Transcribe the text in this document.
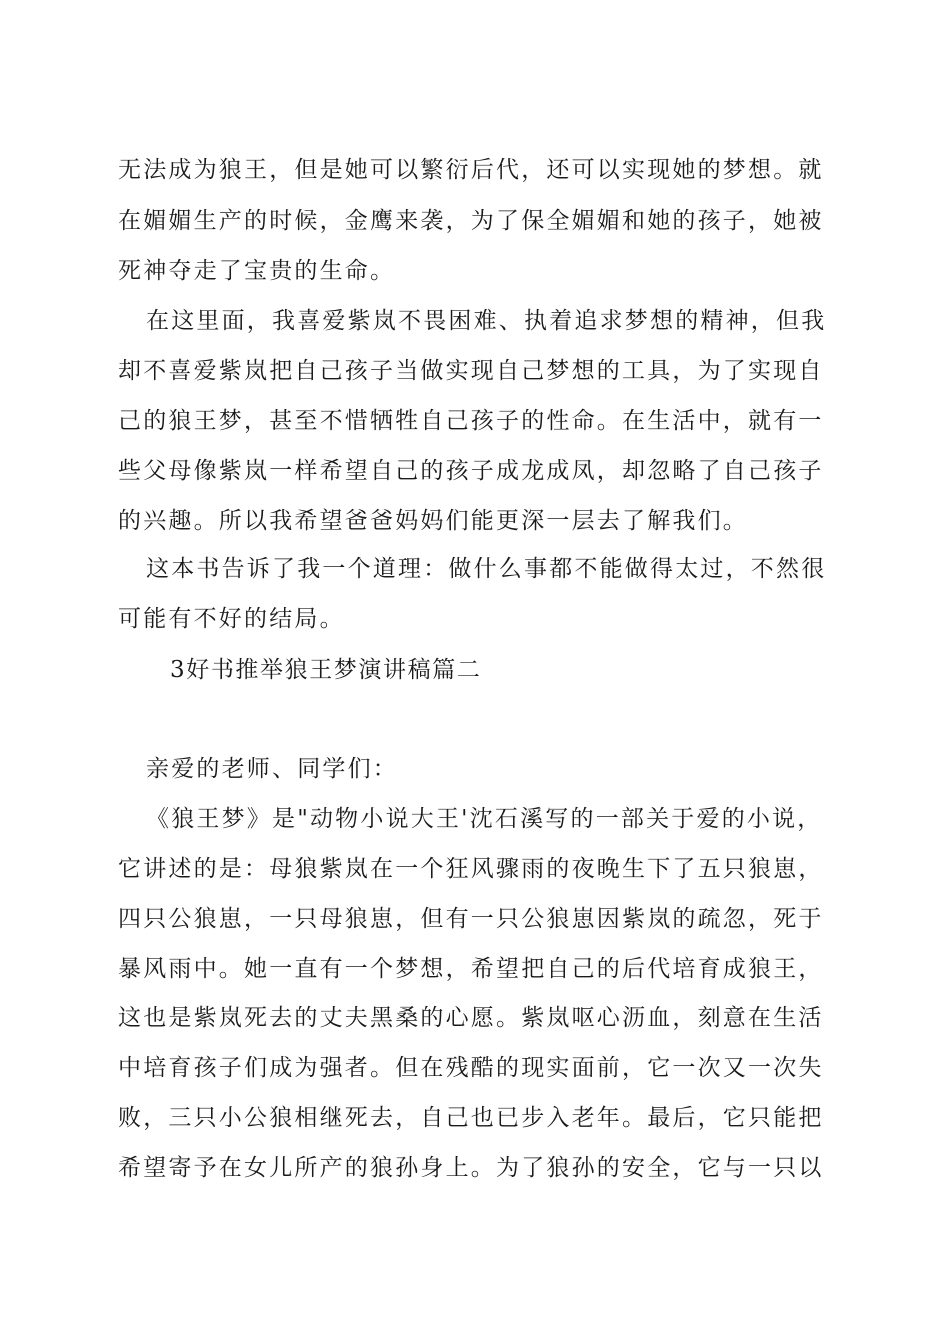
无法成为狼王，但是她可以繁衍后代，还可以实现她的梦想。就
在媚媚生产的时候，金鹰来袭，为了保全媚媚和她的孩子，她被
死神夺走了宝贵的生命。
在这里面，我喜爱紫岚不畏困难、执着追求梦想的精神，但我
却不喜爱紫岚把自己孩子当做实现自己梦想的工具，为了实现自
己的狼王梦，甚至不惜牺牲自己孩子的性命。在生活中，就有一
些父母像紫岚一样希望自己的孩子成龙成凤，却忽略了自己孩子
的兴趣。所以我希望爸爸妈妈们能更深一层去了解我们。
这本书告诉了我一个道理：做什么事都不能做得太过，不然很
可能有不好的结局。
3好书推举狼王梦演讲稿篇二
亲爱的老师、同学们：
《狼王梦》是"动物小说大王'沈石溪写的一部关于爱的小说，
它讲述的是：母狼紫岚在一个狂风骤雨的夜晚生下了五只狼崽，
四只公狼崽，一只母狼崽，但有一只公狼崽因紫岚的疏忽，死于
暴风雨中。她一直有一个梦想，希望把自己的后代培育成狼王，
这也是紫岚死去的丈夫黑桑的心愿。紫岚呕心沥血，刻意在生活
中培育孩子们成为强者。但在残酷的现实面前，它一次又一次失
败，三只小公狼相继死去，自己也已步入老年。最后，它只能把
希望寄予在女儿所产的狼孙身上。为了狼孙的安全，它与一只以
